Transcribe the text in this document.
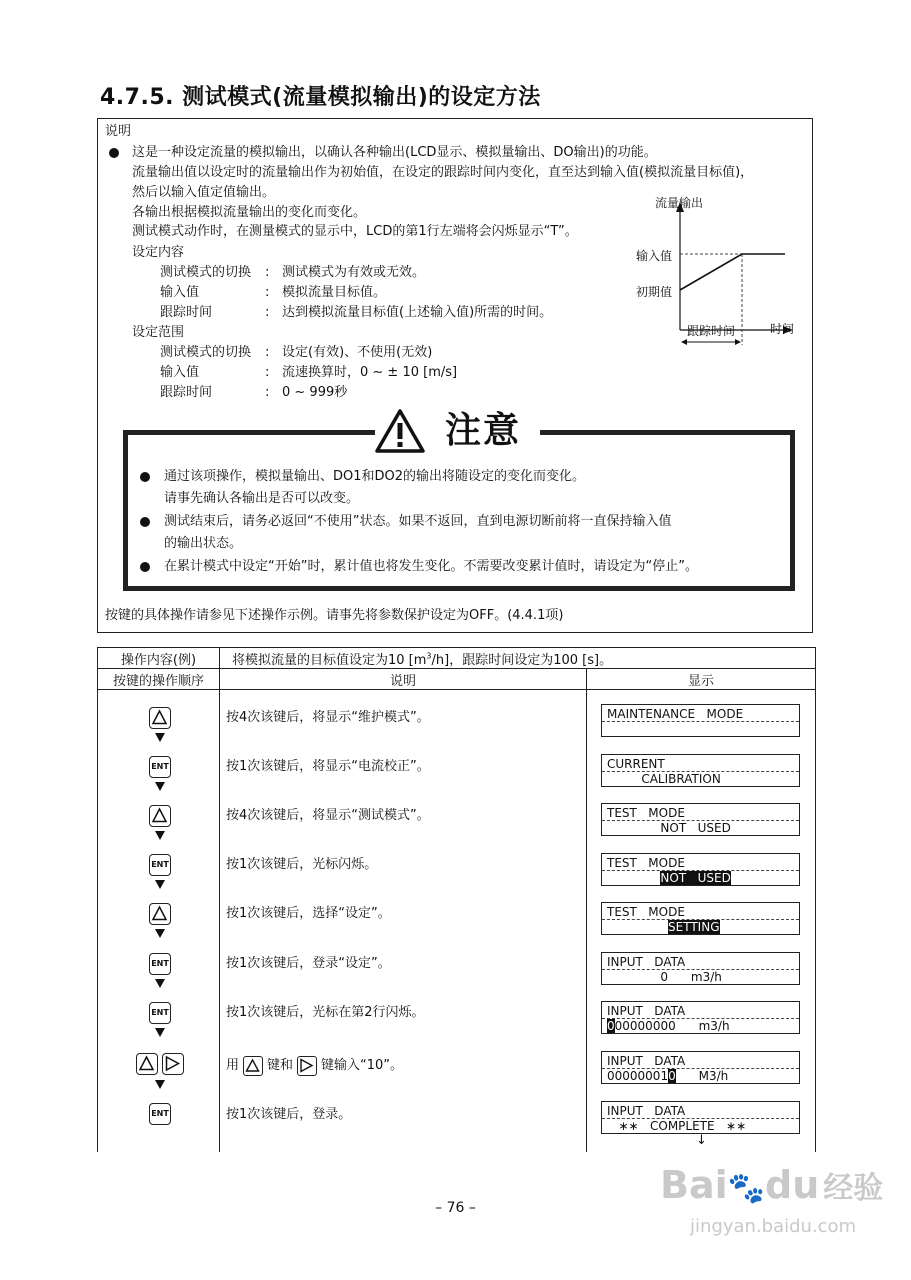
4.7.5. 测试模式(流量模拟输出)的设定方法
说明
这是一种设定流量的模拟输出，以确认各种输出(LCD显示、模拟量输出、DO输出)的功能。
流量输出值以设定时的流量输出作为初始值，在设定的跟踪时间内变化，直至达到输入值(模拟流量目标值)，
然后以输入值定值输出。
各输出根据模拟流量输出的变化而变化。
测试模式动作时，在测量模式的显示中，LCD的第1行左端将会闪烁显示“T”。
设定内容
测试模式的切换 : 测试模式为有效或无效。
输入值	: 模拟流量目标值。
跟踪时间	: 达到模拟流量目标值(上述输入值)所需的时间。
设定范围
测试模式的切换 : 设定(有效)、不使用(无效)
输入值	: 流速换算时，0 ~ ± 10 [m/s]
跟踪时间	: 0 ~ 999秒
流量输出
输入值
初期值
跟踪时间	时间
注意
通过该项操作，模拟量输出、DO1和DO2的输出将随设定的变化而变化。
请事先确认各输出是否可以改变。
测试结束后，请务必返回“不使用”状态。如果不返回，直到电源切断前将一直保持输入值
的输出状态。
在累计模式中设定“开始”时，累计值也将发生变化。不需要改变累计值时，请设定为“停止”。
按键的具体操作请参见下述操作示例。请事先将参数保护设定为OFF。(4.4.1项)
操作内容(例)	将模拟流量的目标值设定为10 $[m^3/h]$，跟踪时间设定为100 [s]。	
按键的操作顺序	说明	显示

按4次该键后，将显示“维护模式”。	MAINTENANCE   MODE
ENT	按1次该键后，将显示“电流校正”。	CURRENT
CALIBRATION
按4次该键后，将显示“测试模式”。	TEST   MODE
NOT   USED
ENT	按1次该键后，光标闪烁。	TEST   MODE
NOT   USED
按1次该键后，选择“设定”。	TEST   MODE
SETTING
ENT	按1次该键后，登录“设定”。	INPUT   DATA
0      m3/h
ENT	按1次该键后，光标在第2行闪烁。	INPUT   DATA
000000000      m3/h
用 键和 键输入“10”。	INPUT   DATA
000000010      M3/h
ENT	按1次该键后，登录。	INPUT   DATA
∗∗   COMPLETE   ∗∗
↓
– 76 –
Bai🐾du 经验
jingyan.baidu.com
